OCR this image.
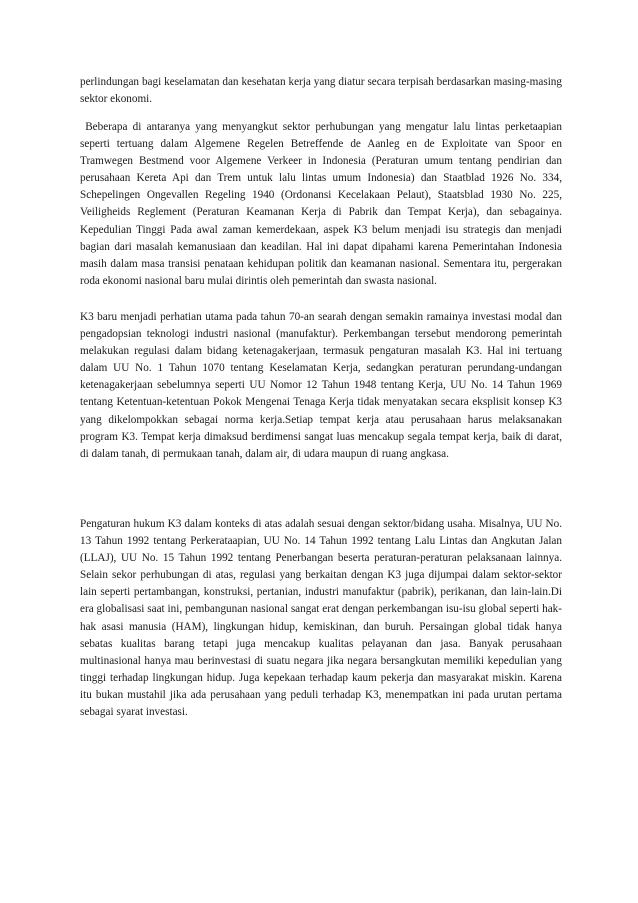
perlindungan bagi keselamatan dan kesehatan kerja yang diatur secara terpisah berdasarkan masing-masing sektor ekonomi.

Beberapa di antaranya yang menyangkut sektor perhubungan yang mengatur lalu lintas perketaapian seperti tertuang dalam Algemene Regelen Betreffende de Aanleg en de Exploitate van Spoor en Tramwegen Bestmend voor Algemene Verkeer in Indonesia (Peraturan umum tentang pendirian dan perusahaan Kereta Api dan Trem untuk lalu lintas umum Indonesia) dan Staatblad 1926 No. 334, Schepelingen Ongevallen Regeling 1940 (Ordonansi Kecelakaan Pelaut), Staatsblad 1930 No. 225, Veiligheids Reglement (Peraturan Keamanan Kerja di Pabrik dan Tempat Kerja), dan sebagainya. Kepedulian Tinggi Pada awal zaman kemerdekaan, aspek K3 belum menjadi isu strategis dan menjadi bagian dari masalah kemanusiaan dan keadilan. Hal ini dapat dipahami karena Pemerintahan Indonesia masih dalam masa transisi penataan kehidupan politik dan keamanan nasional. Sementara itu, pergerakan roda ekonomi nasional baru mulai dirintis oleh pemerintah dan swasta nasional.

K3 baru menjadi perhatian utama pada tahun 70-an searah dengan semakin ramainya investasi modal dan pengadopsian teknologi industri nasional (manufaktur). Perkembangan tersebut mendorong pemerintah melakukan regulasi dalam bidang ketenagakerjaan, termasuk pengaturan masalah K3. Hal ini tertuang dalam UU No. 1 Tahun 1070 tentang Keselamatan Kerja, sedangkan peraturan perundang-undangan ketenagakerjaan sebelumnya seperti UU Nomor 12 Tahun 1948 tentang Kerja, UU No. 14 Tahun 1969 tentang Ketentuan-ketentuan Pokok Mengenai Tenaga Kerja tidak menyatakan secara eksplisit konsep K3 yang dikelompokkan sebagai norma kerja.Setiap tempat kerja atau perusahaan harus melaksanakan program K3. Tempat kerja dimaksud berdimensi sangat luas mencakup segala tempat kerja, baik di darat, di dalam tanah, di permukaan tanah, dalam air, di udara maupun di ruang angkasa.

Pengaturan hukum K3 dalam konteks di atas adalah sesuai dengan sektor/bidang usaha. Misalnya, UU No. 13 Tahun 1992 tentang Perkerataapian, UU No. 14 Tahun 1992 tentang Lalu Lintas dan Angkutan Jalan (LLAJ), UU No. 15 Tahun 1992 tentang Penerbangan beserta peraturan-peraturan pelaksanaan lainnya. Selain sekor perhubungan di atas, regulasi yang berkaitan dengan K3 juga dijumpai dalam sektor-sektor lain seperti pertambangan, konstruksi, pertanian, industri manufaktur (pabrik), perikanan, dan lain-lain.Di era globalisasi saat ini, pembangunan nasional sangat erat dengan perkembangan isu-isu global seperti hak-hak asasi manusia (HAM), lingkungan hidup, kemiskinan, dan buruh. Persaingan global tidak hanya sebatas kualitas barang tetapi juga mencakup kualitas pelayanan dan jasa. Banyak perusahaan multinasional hanya mau berinvestasi di suatu negara jika negara bersangkutan memiliki kepedulian yang tinggi terhadap lingkungan hidup. Juga kepekaan terhadap kaum pekerja dan masyarakat miskin. Karena itu bukan mustahil jika ada perusahaan yang peduli terhadap K3, menempatkan ini pada urutan pertama sebagai syarat investasi.
